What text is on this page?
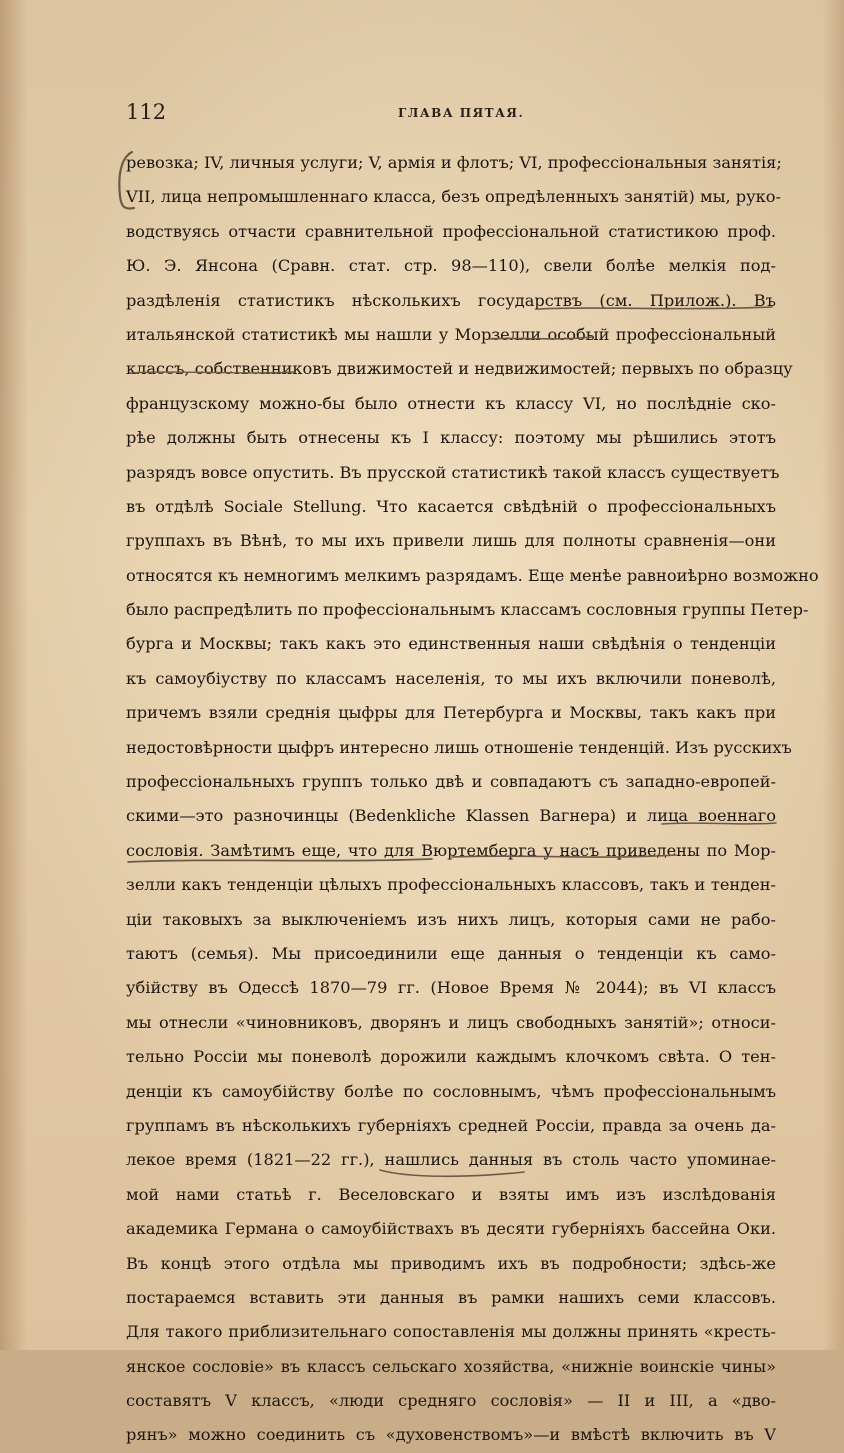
112	ГЛАВА ПЯТАЯ.
ревозка; IV, личныя услуги; V, армія и флотъ; VI, профессіональныя занятія;
VII, лица непромышленнаго класса, безъ опредѣленныхъ занятій) мы, руко-
водствуясь отчасти сравнительной профессіональной статистикою проф.
Ю. Э. Янсона (Сравн. стат. стр. 98—110), свели болѣе мелкія под-
раздѣленія статистикъ нѣсколькихъ государствъ (см. Прилож.). Въ
итальянской статистикѣ мы нашли у Морзелли особый профессіональный
классъ, собственниковъ движимостей и недвижимостей; первыхъ по образцу
французскому можно-бы было отнести къ классу VI, но послѣдніе ско-
рѣе должны быть отнесены къ I классу: поэтому мы рѣшились этотъ
разрядъ вовсе опустить. Въ прусской статистикѣ такой классъ существуетъ
въ отдѣлѣ Sociale Stellung. Что касается свѣдѣній о профессіональныхъ
группахъ въ Вѣнѣ, то мы ихъ привели лишь для полноты сравненія—они
относятся къ немногимъ мелкимъ разрядамъ. Еще менѣе равноиѣрно возможно
было распредѣлить по профессіональнымъ классамъ сословныя группы Петер-
бурга и Москвы; такъ какъ это единственныя наши свѣдѣнія о тенденціи
къ самоубіуству по классамъ населенія, то мы ихъ включили поневолѣ,
причемъ взяли среднія цыфры для Петербурга и Москвы, такъ какъ при
недостовѣрности цыфръ интересно лишь отношеніе тенденцій. Изъ русскихъ
профессіональныхъ группъ только двѣ и совпадаютъ съ западно-европей-
скими—это разночинцы (Bedenkliche Klassen Вагнера) и лица военнаго
сословія. Замѣтимъ еще, что для Вюртемберга у насъ приведены по Мор-
зелли какъ тенденціи цѣлыхъ профессіональныхъ классовъ, такъ и тенден-
ціи таковыхъ за выключеніемъ изъ нихъ лицъ, которыя сами не рабо-
таютъ (семья). Мы присоединили еще данныя о тенденціи къ само-
убійству въ Одессѣ 1870—79 гг. (Новое Время № 2044); въ VI классъ
мы отнесли «чиновниковъ, дворянъ и лицъ свободныхъ занятій»; относи-
тельно Россіи мы поневолѣ дорожили каждымъ клочкомъ свѣта. О тен-
денціи къ самоубійству болѣе по сословнымъ, чѣмъ профессіональнымъ
группамъ въ нѣсколькихъ губерніяхъ средней Россіи, правда за очень да-
лекое время (1821—22 гг.), нашлись данныя въ столь часто упоминае-
мой нами статьѣ г. Веселовскаго и взяты имъ изъ изслѣдованія
академика Германа о самоубійствахъ въ десяти губерніяхъ бассейна Оки.
Въ концѣ этого отдѣла мы приводимъ ихъ въ подробности; здѣсь-же
постараемся вставить эти данныя въ рамки нашихъ семи классовъ.
Для такого приблизительнаго сопоставленія мы должны принять «кресть-
янское сословіе» въ классъ сельскаго хозяйства, «нижніе воинскіе чины»
составятъ V классъ, «люди средняго сословія» — II и III, а «дво-
рянъ» можно соединить съ «духовенствомъ»—и вмѣстѣ включить въ V
